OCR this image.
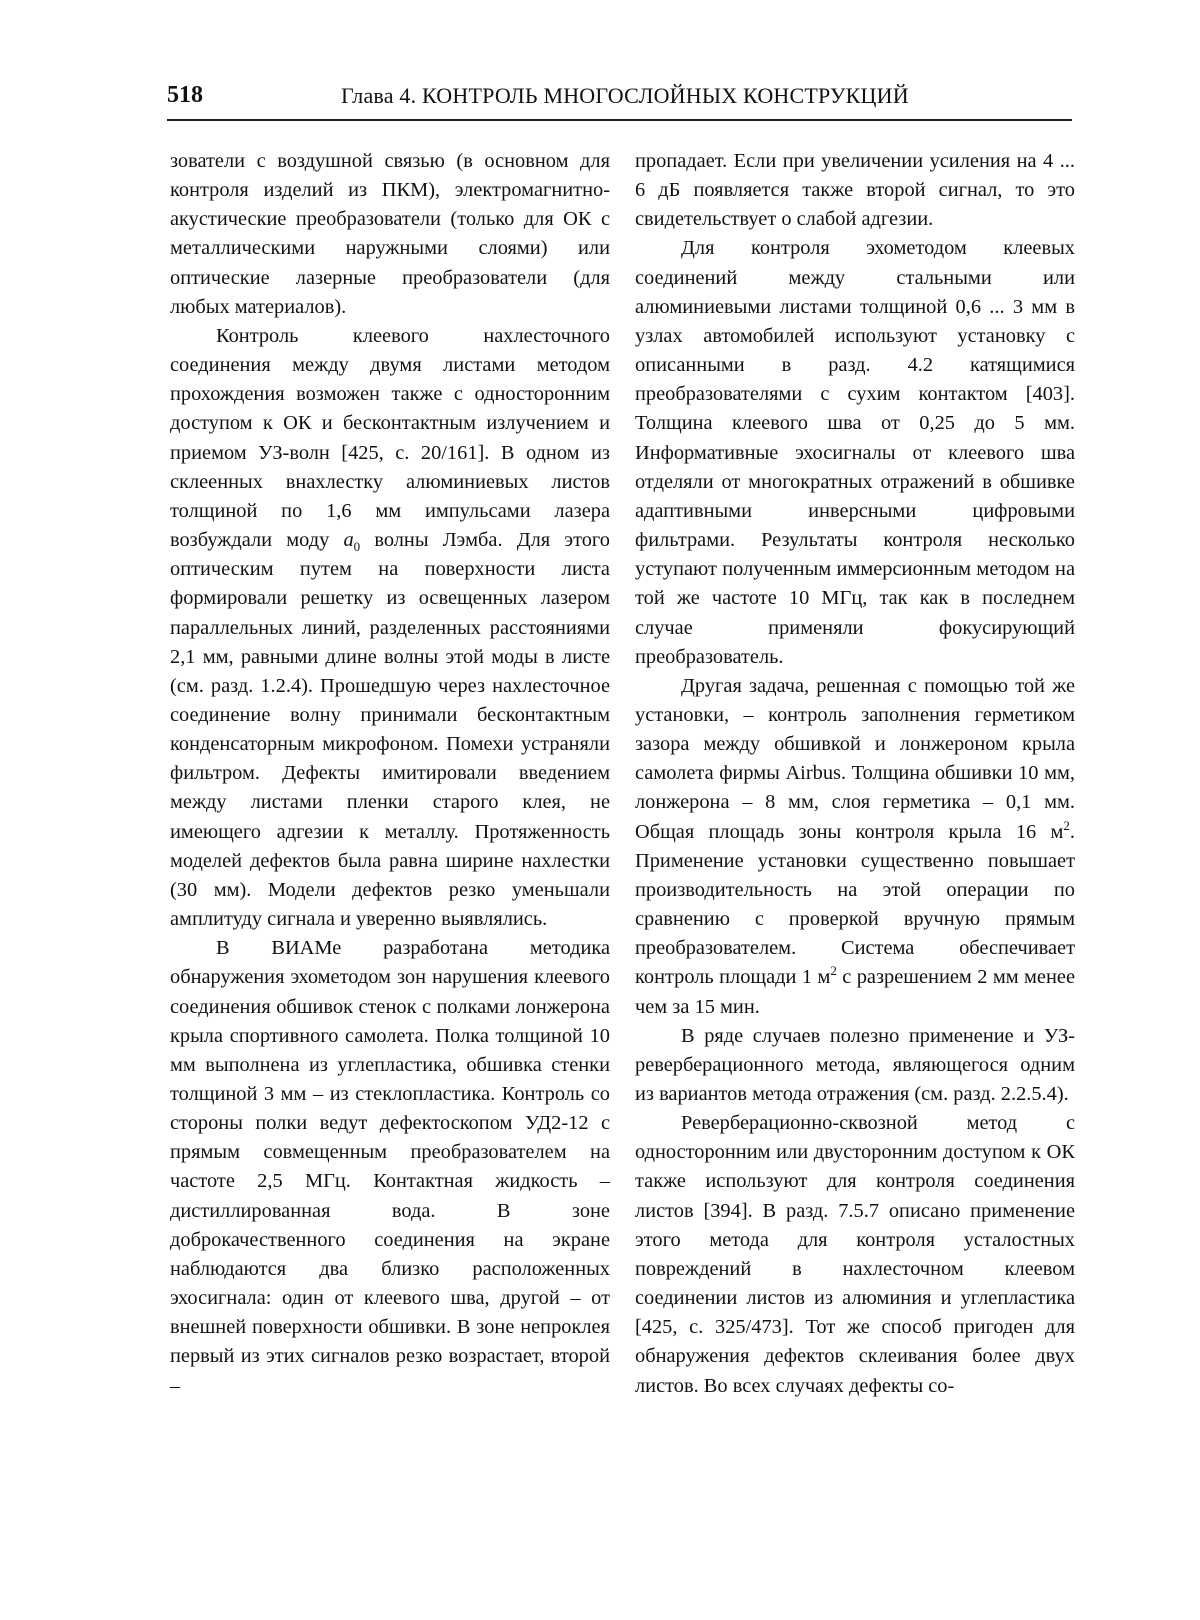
518	Глава 4. КОНТРОЛЬ МНОГОСЛОЙНЫХ КОНСТРУКЦИЙ

зователи с воздушной связью (в основном для контроля изделий из ПКМ), электромагнитно-акустические преобразователи (только для ОК с металлическими наружными слоями) или оптические лазерные преобразователи (для любых материалов).

Контроль клеевого нахлесточного соединения между двумя листами методом прохождения возможен также с односторонним доступом к ОК и бесконтактным излучением и приемом УЗ-волн [425, с. 20/161]. В одном из склеенных внахлестку алюминиевых листов толщиной по 1,6 мм импульсами лазера возбуждали моду $a_0$ волны Лэмба. Для этого оптическим путем на поверхности листа формировали решетку из освещенных лазером параллельных линий, разделенных расстояниями 2,1 мм, равными длине волны этой моды в листе (см. разд. 1.2.4). Прошедшую через нахлесточное соединение волну принимали бесконтактным конденсаторным микрофоном. Помехи устраняли фильтром. Дефекты имитировали введением между листами пленки старого клея, не имеющего адгезии к металлу. Протяженность моделей дефектов была равна ширине нахлестки (30 мм). Модели дефектов резко уменьшали амплитуду сигнала и уверенно выявлялись.

В ВИАМе разработана методика обнаружения эхометодом зон нарушения клеевого соединения обшивок стенок с полками лонжерона крыла спортивного самолета. Полка толщиной 10 мм выполнена из углепластика, обшивка стенки толщиной 3 мм – из стеклопластика. Контроль со стороны полки ведут дефектоскопом УД2-12 с прямым совмещенным преобразователем на частоте 2,5 МГц. Контактная жидкость – дистиллированная вода. В зоне доброкачественного соединения на экране наблюдаются два близко расположенных эхосигнала: один от клеевого шва, другой – от внешней поверхности обшивки. В зоне непроклея первый из этих сигналов резко возрастает, второй –

пропадает. Если при увеличении усиления на 4 ... 6 дБ появляется также второй сигнал, то это свидетельствует о слабой адгезии.

Для контроля эхометодом клеевых соединений между стальными или алюминиевыми листами толщиной 0,6 ... 3 мм в узлах автомобилей используют установку с описанными в разд. 4.2 катящимися преобразователями с сухим контактом [403]. Толщина клеевого шва от 0,25 до 5 мм. Информативные эхосигналы от клеевого шва отделяли от многократных отражений в обшивке адаптивными инверсными цифровыми фильтрами. Результаты контроля несколько уступают полученным иммерсионным методом на той же частоте 10 МГц, так как в последнем случае применяли фокусирующий преобразователь.

Другая задача, решенная с помощью той же установки, – контроль заполнения герметиком зазора между обшивкой и лонжероном крыла самолета фирмы Airbus. Толщина обшивки 10 мм, лонжерона – 8 мм, слоя герметика – 0,1 мм. Общая площадь зоны контроля крыла 16 $м^2$. Применение установки существенно повышает производительность на этой операции по сравнению с проверкой вручную прямым преобразователем. Система обеспечивает контроль площади 1 $м^2$ с разрешением 2 мм менее чем за 15 мин.

В ряде случаев полезно применение и УЗ-реверберационного метода, являющегося одним из вариантов метода отражения (см. разд. 2.2.5.4).

Реверберационно-сквозной метод с односторонним или двусторонним доступом к ОК также используют для контроля соединения листов [394]. В разд. 7.5.7 описано применение этого метода для контроля усталостных повреждений в нахлесточном клеевом соединении листов из алюминия и углепластика [425, с. 325/473]. Тот же способ пригоден для обнаружения дефектов склеивания более двух листов. Во всех случаях дефекты со-
